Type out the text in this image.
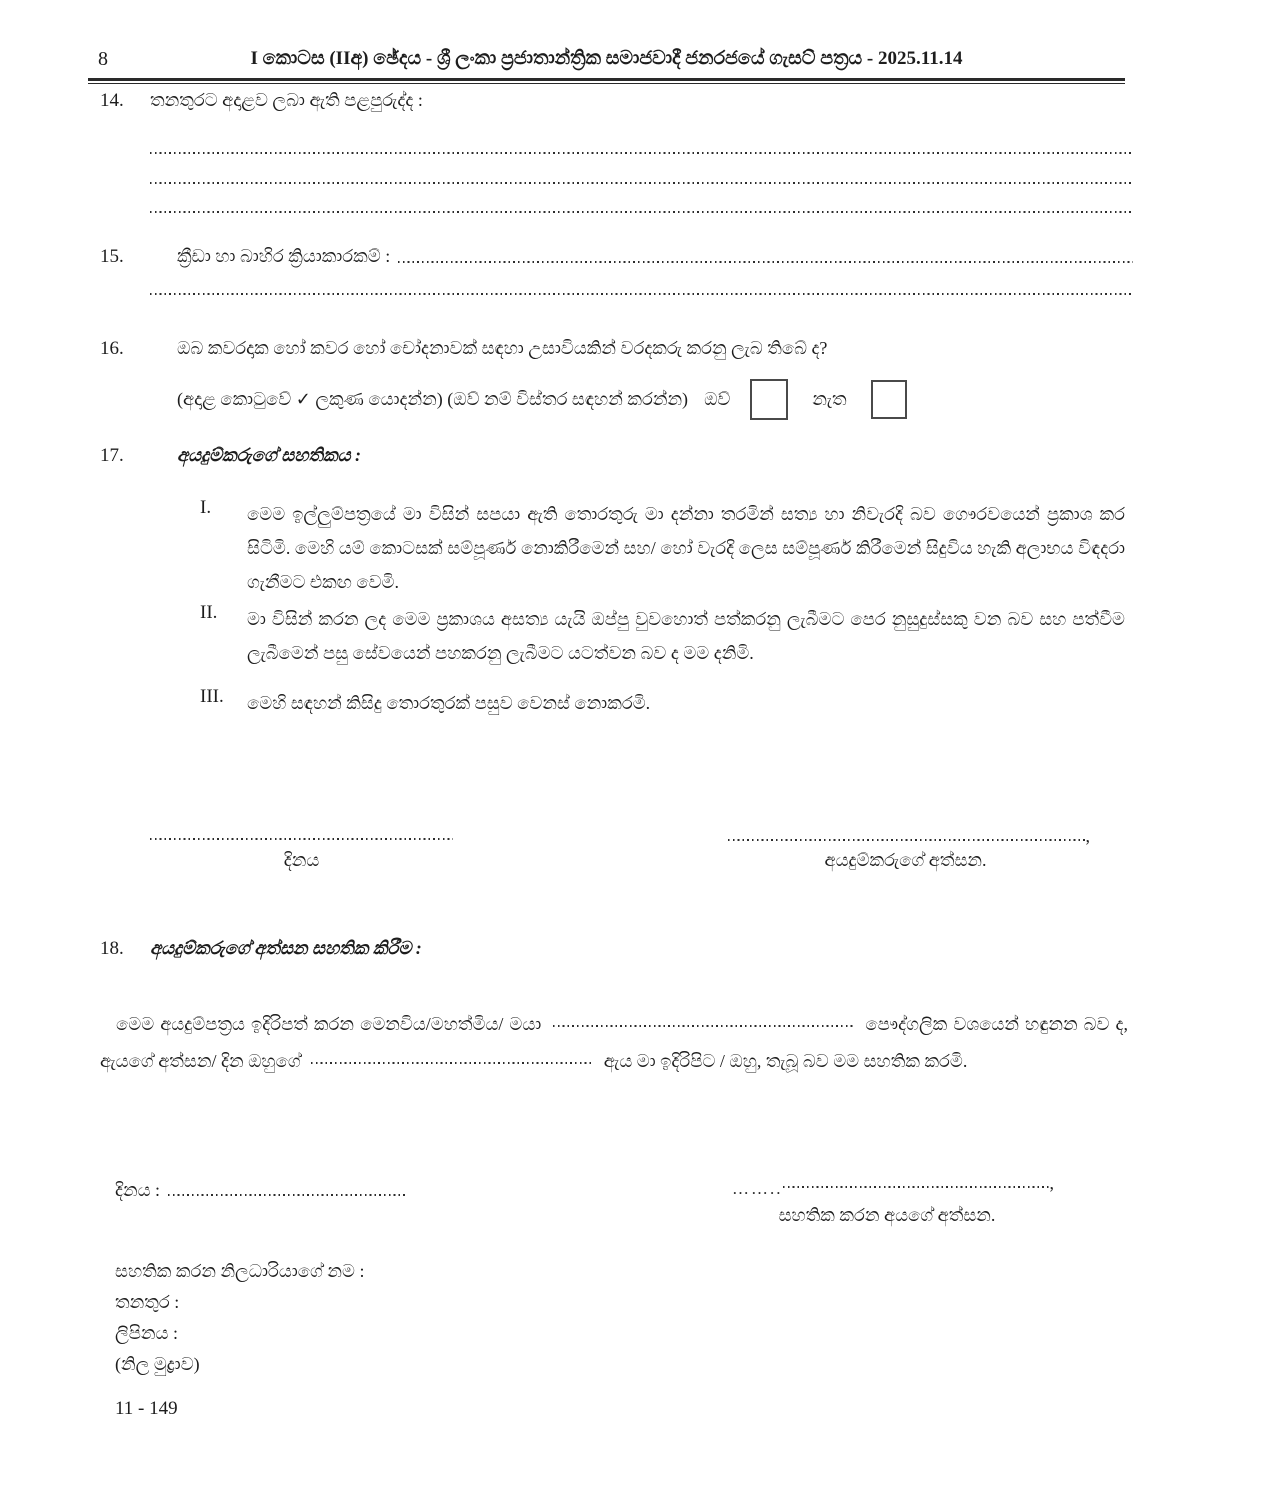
8	I කොටස (IIඅ) ඡේදය - ශ්‍රී ලංකා ප්‍රජාතාන්ත්‍රික සමාජවාදී ජනරජයේ ගැසට් පත්‍රය - 2025.11.14
14.	තනතුරට අදාළව ලබා ඇති පළපුරුද්ද :
15.	ක්‍රීඩා හා බාහිර ක්‍රියාකාරකම් :
16.	ඔබ කවරදාක හෝ කවර හෝ චෝදනාවක් සඳහා උසාවියකින් වරදකරු කරනු ලැබ තිබේ ද?
(අදාළ කොටුවේ ✓ ලකුණ යොදන්න) (ඔව් නම් විස්තර සඳහන් කරන්න) ඔව්	නැත
17.	අයදුම්කරුගේ සහතිකය :
I.	මෙම ඉල්ලුම්පත්‍රයේ මා විසින් සපයා ඇති තොරතුරු මා දන්නා තරමින් සත්‍ය හා නිවැරදි බව ගෞරවයෙන් ප්‍රකාශ කර සිටිමි. මෙහි යම් කොටසක් සම්පූර්ණ නොකිරීමෙන් සහ/ හෝ වැරදි ලෙස සම්පූර්ණ කිරීමෙන් සිදුවිය හැකි අලාභය විඳදරා ගැනීමට එකඟ වෙමි.
II.	මා විසින් කරන ලද මෙම ප්‍රකාශය අසත්‍ය යැයි ඔප්පු වුවහොත් පත්කරනු ලැබීමට පෙර නුසුදුස්සකු වන බව සහ පත්වීම ලැබීමෙන් පසු සේවයෙන් පහකරනු ලැබීමට යටත්වන බව ද මම දනිමි.
III.	මෙහි සඳහන් කිසිදු තොරතුරක් පසුව වෙනස් නොකරමි.
දිනය
,
අයදුම්කරුගේ අත්සන.
18.	අයදුම්කරුගේ අත්සන සහතික කිරීම :
මෙම අයදුම්පත්‍රය ඉදිරිපත් කරන මෙනවිය/මහත්මිය/ මයා	පෞද්ගලික වශයෙන් හඳුනන බව ද, ඇයගේ අත්සන/ දින ඔහුගේ	ඇය මා ඉදිරිපිට / ඔහු, තැබූ බව මම සහතික කරමි.
දිනය :	……..	,
සහතික කරන අයගේ අත්සන.
සහතික කරන නිලධාරියාගේ නම :
තනතුර :
ලිපිනය :
(නිල මුද්‍රාව)
11 - 149
